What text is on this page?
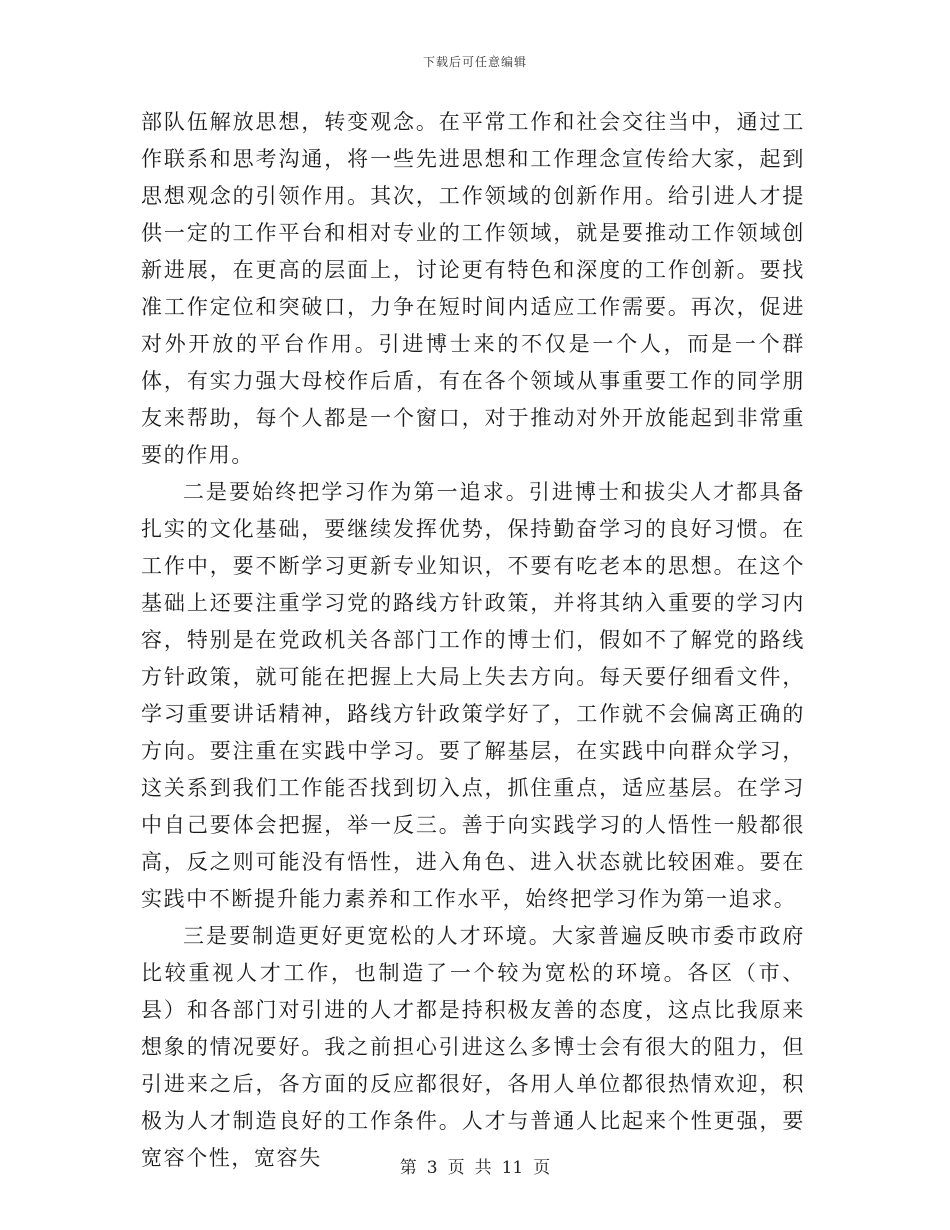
下载后可任意编辑

部队伍解放思想，转变观念。在平常工作和社会交往当中，通过工作联系和思考沟通，将一些先进思想和工作理念宣传给大家，起到思想观念的引领作用。其次，工作领域的创新作用。给引进人才提供一定的工作平台和相对专业的工作领域，就是要推动工作领域创新进展，在更高的层面上，讨论更有特色和深度的工作创新。要找准工作定位和突破口，力争在短时间内适应工作需要。再次，促进对外开放的平台作用。引进博士来的不仅是一个人，而是一个群体，有实力强大母校作后盾，有在各个领域从事重要工作的同学朋友来帮助，每个人都是一个窗口，对于推动对外开放能起到非常重要的作用。

二是要始终把学习作为第一追求。引进博士和拔尖人才都具备扎实的文化基础，要继续发挥优势，保持勤奋学习的良好习惯。在工作中，要不断学习更新专业知识，不要有吃老本的思想。在这个基础上还要注重学习党的路线方针政策，并将其纳入重要的学习内容，特别是在党政机关各部门工作的博士们，假如不了解党的路线方针政策，就可能在把握上大局上失去方向。每天要仔细看文件，学习重要讲话精神，路线方针政策学好了，工作就不会偏离正确的方向。要注重在实践中学习。要了解基层，在实践中向群众学习，这关系到我们工作能否找到切入点，抓住重点，适应基层。在学习中自己要体会把握，举一反三。善于向实践学习的人悟性一般都很高，反之则可能没有悟性，进入角色、进入状态就比较困难。要在实践中不断提升能力素养和工作水平，始终把学习作为第一追求。

三是要制造更好更宽松的人才环境。大家普遍反映市委市政府比较重视人才工作，也制造了一个较为宽松的环境。各区（市、县）和各部门对引进的人才都是持积极友善的态度，这点比我原来想象的情况要好。我之前担心引进这么多博士会有很大的阻力，但引进来之后，各方面的反应都很好，各用人单位都很热情欢迎，积极为人才制造良好的工作条件。人才与普通人比起来个性更强，要宽容个性，宽容失	第 3 页 共 11 页
